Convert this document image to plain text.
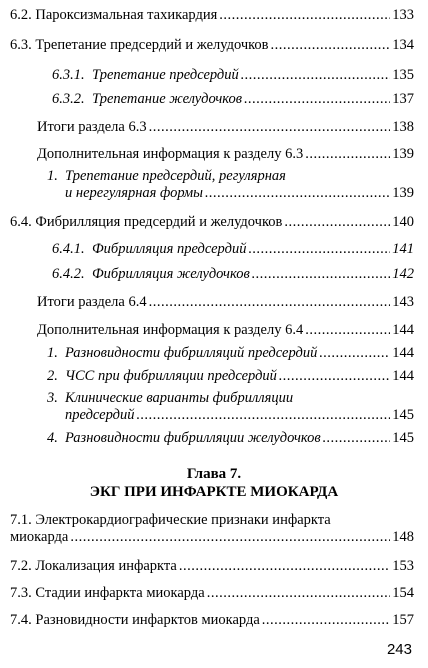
6.2. Пароксизмальная тахикардия .....	133
6.3. Трепетание предсердий и желудочков .....	134
6.3.1. Трепетание предсердий .....	135
6.3.2. Трепетание желудочков .....	137
Итоги раздела 6.3 .....	138
Дополнительная информация к разделу 6.3 .....	139
1. Трепетание предсердий, регулярная
и нерегулярная формы .....	139
6.4. Фибрилляция предсердий и желудочков .....	140
6.4.1. Фибрилляция предсердий .....	141
6.4.2. Фибрилляция желудочков .....	142
Итоги раздела 6.4 .....	143
Дополнительная информация к разделу 6.4 .....	144
1. Разновидности фибрилляций предсердий .....	144
2. ЧСС при фибрилляции предсердий .....	144
3. Клинические варианты фибрилляции
предсердий .....	145
4. Разновидности фибрилляции желудочков .....	145
Глава 7.
ЭКГ ПРИ ИНФАРКТЕ МИОКАРДА
7.1. Электрокардиографические признаки инфаркта
миокарда .....	148
7.2. Локализация инфаркта .....	153
7.3. Стадии инфаркта миокарда .....	154
7.4. Разновидности инфарктов миокарда .....	157
243
